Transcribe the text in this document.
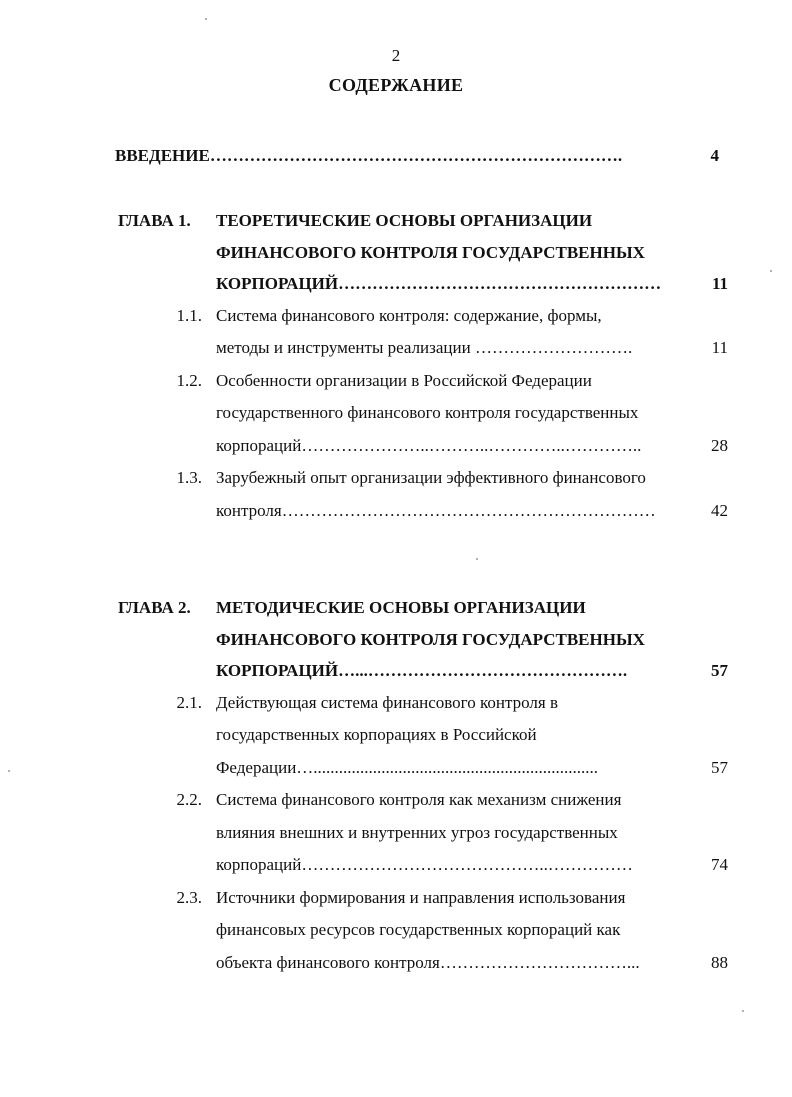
2
СОДЕРЖАНИЕ
ВВЕДЕНИЕ……………………………………………………………….	4
ГЛАВА 1.	ТЕОРЕТИЧЕСКИЕ ОСНОВЫ ОРГАНИЗАЦИИ
ФИНАНСОВОГО КОНТРОЛЯ ГОСУДАРСТВЕННЫХ
КОРПОРАЦИЙ…………………………………………………	11
1.1. Система финансового контроля: содержание, формы,
методы и инструменты реализации ……………………….	11
1.2. Особенности организации в Российской Федерации
государственного финансового контроля государственных
корпораций…………………..………..…………..…………..	28
1.3. Зарубежный опыт организации эффективного финансового
контроля…………………………………………………………	42
ГЛАВА 2.	МЕТОДИЧЕСКИЕ ОСНОВЫ ОРГАНИЗАЦИИ
ФИНАНСОВОГО КОНТРОЛЯ ГОСУДАРСТВЕННЫХ
КОРПОРАЦИЙ…...……………………………………….	57
2.1. Действующая система финансового контроля в
государственных корпорациях в Российской
Федерации…...................................................................	57
2.2. Система финансового контроля как механизм снижения
влияния внешних и внутренних угроз государственных
корпораций……………………………………..……………	74
2.3. Источники формирования и направления использования
финансовых ресурсов государственных корпораций как
объекта финансового контроля……………………………...	88
